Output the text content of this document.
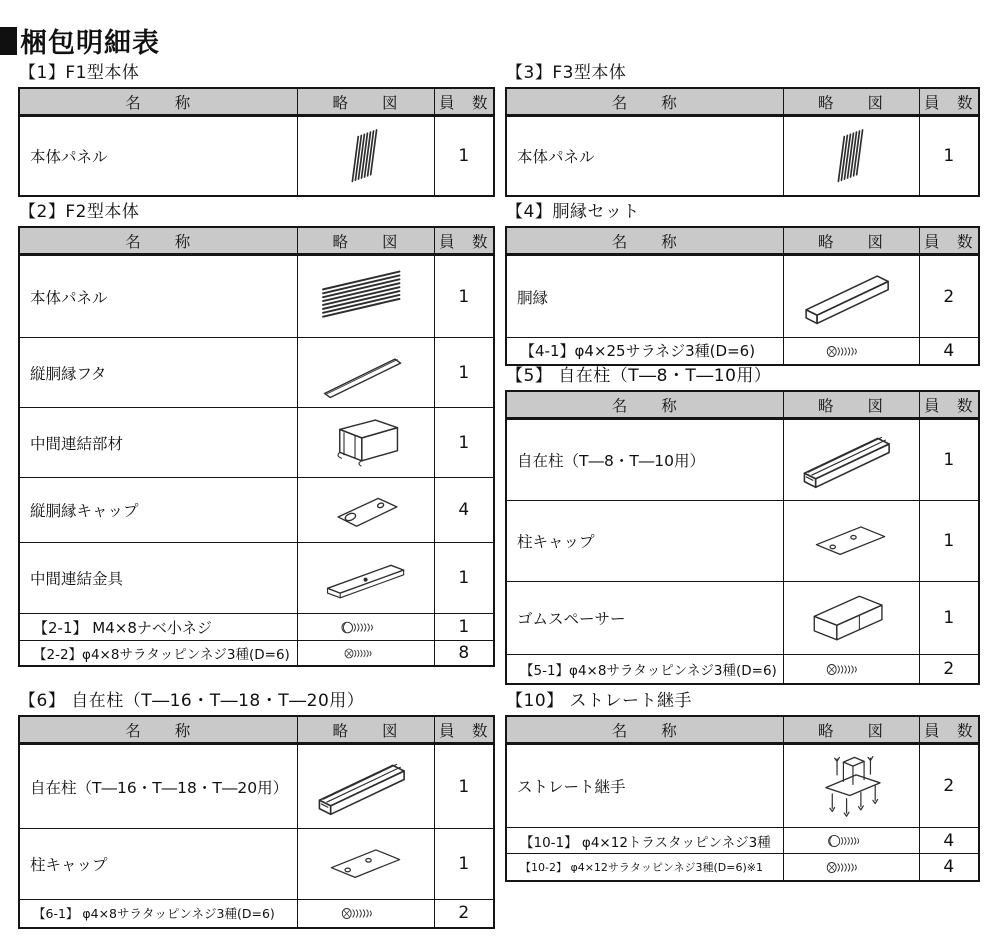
梱包明細表
【1】F1型本体
名　　称	略　　図	員　数
本体パネル		1
【2】F2型本体
名　　称	略　　図	員　数
本体パネル		1
縦胴縁フタ		1
中間連結部材		1
縦胴縁キャップ		4
中間連結金具		1
【2-1】 M4×8ナベ小ネジ		1
【2-2】φ4×8サラタッピンネジ3種(D=6)		8
【6】 自在柱（T―16・T―18・T―20用）
名　　称	略　　図	員　数
自在柱（T―16・T―18・T―20用）		1
柱キャップ		1
【6-1】 φ4×8サラタッピンネジ3種(D=6)		2
【3】F3型本体
名　　称	略　　図	員　数
本体パネル		1
【4】胴縁セット
名　　称	略　　図	員　数
胴縁		2
【4-1】φ4×25サラネジ3種(D=6)		4
【5】 自在柱（T―8・T―10用）
名　　称	略　　図	員　数
自在柱（T―8・T―10用）		1
柱キャップ		1
ゴムスペーサー		1
【5-1】φ4×8サラタッピンネジ3種(D=6)		2
【10】 ストレート継手
名　　称	略　　図	員　数
ストレート継手		2
【10-1】 φ4×12トラスタッピンネジ3種		4
【10-2】 φ4×12サラタッピンネジ3種(D=6)※1		4
